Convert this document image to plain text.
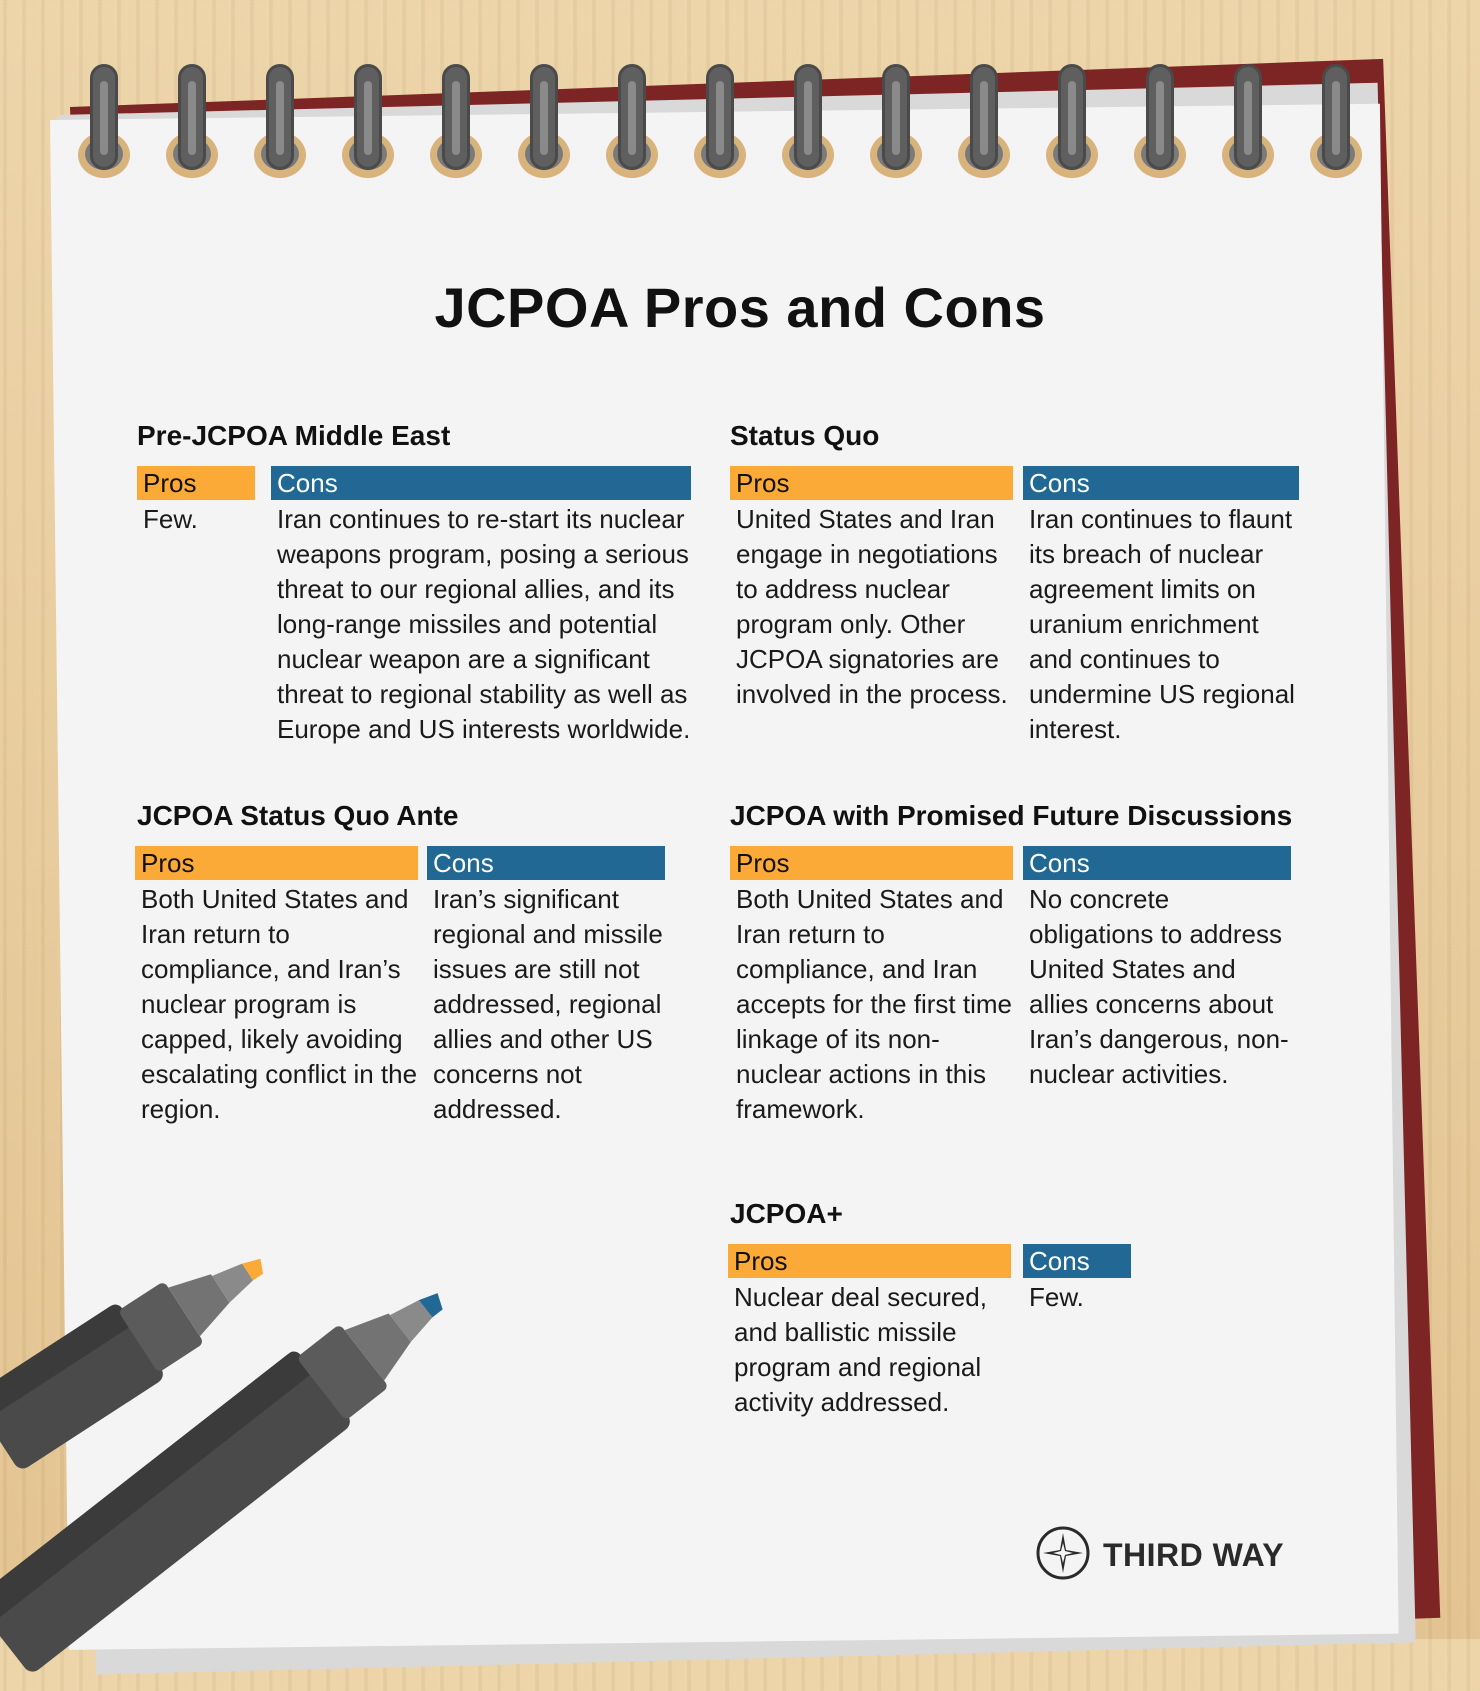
JCPOA Pros and Cons
Pre-JCPOA Middle East
Pros
Few.
Cons
Iran continues to re-start its nuclear weapons program, posing a serious threat to our regional allies, and its long-range missiles and potential nuclear weapon are a significant threat to regional stability as well as Europe and US interests worldwide.
Status Quo
Pros
United States and Iran engage in negotiations to address nuclear program only. Other JCPOA signatories are involved in the process.
Cons
Iran continues to flaunt its breach of nuclear agreement limits on uranium enrichment and continues to undermine US regional interest.
JCPOA Status Quo Ante
Pros
Both United States and Iran return to compliance, and Iran’s nuclear program is capped, likely avoiding escalating conflict in the region.
Cons
Iran’s significant regional and missile issues are still not addressed, regional allies and other US concerns not addressed.
JCPOA with Promised Future Discussions
Pros
Both United States and Iran return to compliance, and Iran accepts for the first time linkage of its non-nuclear actions in this framework.
Cons
No concrete obligations to address United States and allies concerns about Iran’s dangerous, non-nuclear activities.
JCPOA+
Pros
Nuclear deal secured, and ballistic missile program and regional activity addressed.
Cons
Few.
THIRD WAY
